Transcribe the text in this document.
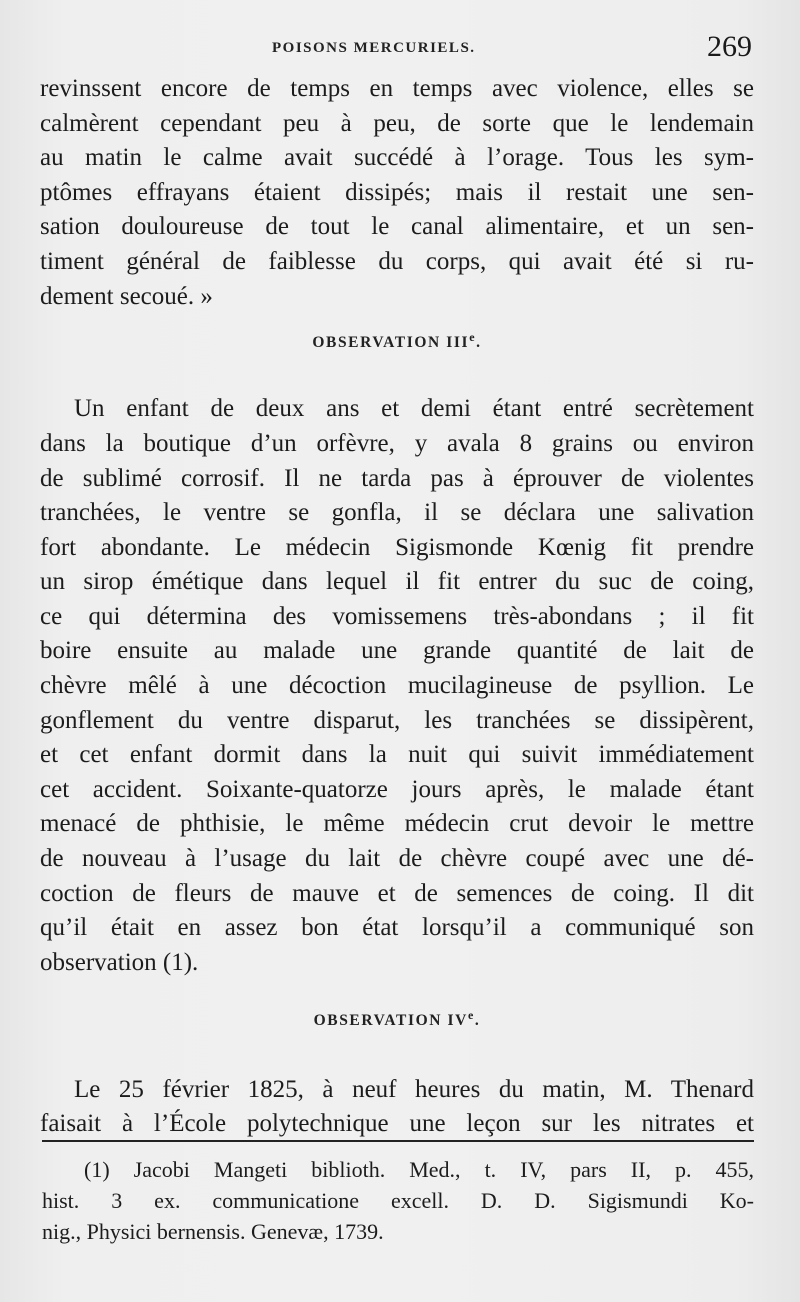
POISONS MERCURIELS.	269
revinssent encore de temps en temps avec violence, elles se
calmèrent cependant peu à peu, de sorte que le lendemain
au matin le calme avait succédé à l’orage. Tous les sym-
ptômes effrayans étaient dissipés; mais il restait une sen-
sation douloureuse de tout le canal alimentaire, et un sen-
timent général de faiblesse du corps, qui avait été si ru-
dement secoué. »
OBSERVATION IIIe.
Un enfant de deux ans et demi étant entré secrètement
dans la boutique d’un orfèvre, y avala 8 grains ou environ
de sublimé corrosif. Il ne tarda pas à éprouver de violentes
tranchées, le ventre se gonfla, il se déclara une salivation
fort abondante. Le médecin Sigismonde Kœnig fit prendre
un sirop émétique dans lequel il fit entrer du suc de coing,
ce qui détermina des vomissemens très-abondans ; il fit
boire ensuite au malade une grande quantité de lait de
chèvre mêlé à une décoction mucilagineuse de psyllion. Le
gonflement du ventre disparut, les tranchées se dissipèrent,
et cet enfant dormit dans la nuit qui suivit immédiatement
cet accident. Soixante-quatorze jours après, le malade étant
menacé de phthisie, le même médecin crut devoir le mettre
de nouveau à l’usage du lait de chèvre coupé avec une dé-
coction de fleurs de mauve et de semences de coing. Il dit
qu’il était en assez bon état lorsqu’il a communiqué son
observation (1).
OBSERVATION IVe.
Le 25 février 1825, à neuf heures du matin, M. Thenard
faisait à l’École polytechnique une leçon sur les nitrates et
(1) Jacobi Mangeti biblioth. Med., t. IV, pars II, p. 455,
hist. 3 ex. communicatione excell. D. D. Sigismundi Ko-
nig., Physici bernensis. Genevæ, 1739.
